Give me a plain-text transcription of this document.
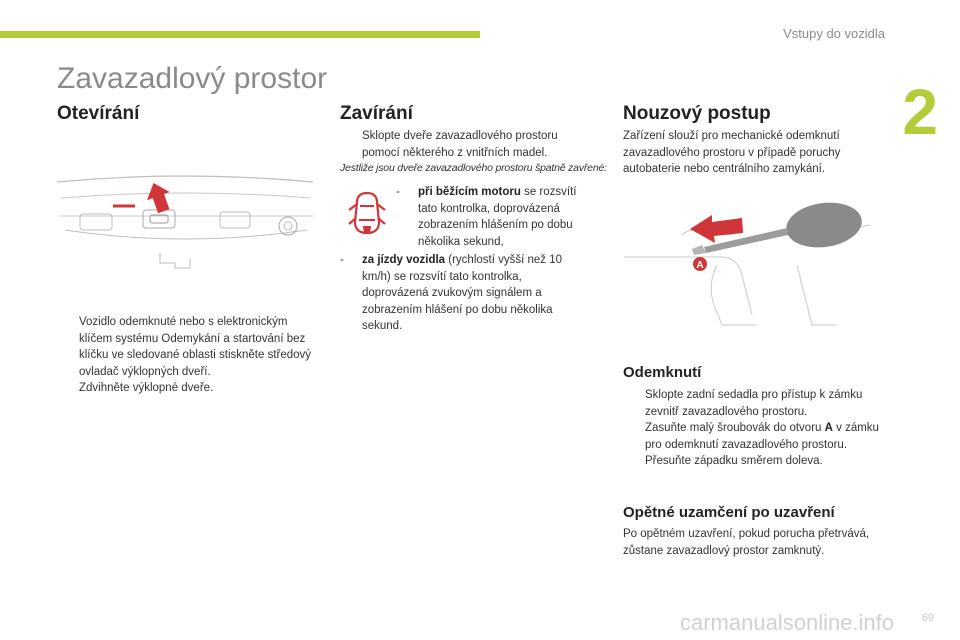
Vstupy do vozidla
2
Zavazadlový prostor
Otevírání

Vozidlo odemknuté nebo s elektronickým klíčem systému Odemykání a startování bez klíčku ve sledované oblasti stiskněte středový ovladač výklopných dveří.

Zdvihněte výklopné dveře.

Zavírání

Sklopte dveře zavazadlového prostoru pomocí některého z vnitřních madel.

Jestliže jsou dveře zavazadlového prostoru špatně zavřené:

- při běžícím motoru se rozsvítí tato kontrolka, doprovázená zobrazením hlášením po dobu několika sekund,

- za jízdy vozidla (rychlostí vyšší než 10 km/h) se rozsvítí tato kontrolka, doprovázená zvukovým signálem a zobrazením hlášení po dobu několika sekund.

Nouzový postup
Zařízení slouží pro mechanické odemknutí zavazadlového prostoru v případě poruchy autobaterie nebo centrálního zamykání.
A
Odemknutí

Sklopte zadní sedadla pro přístup k zámku zevnitř zavazadlového prostoru.

Zasuňte malý šroubovák do otvoru A v zámku pro odemknutí zavazadlového prostoru.

Přesuňte západku směrem doleva.

Opětné uzamčení po uzavření
Po opětném uzavření, pokud porucha přetrvává, zůstane zavazadlový prostor zamknutý.
carmanualsonline.info	69
